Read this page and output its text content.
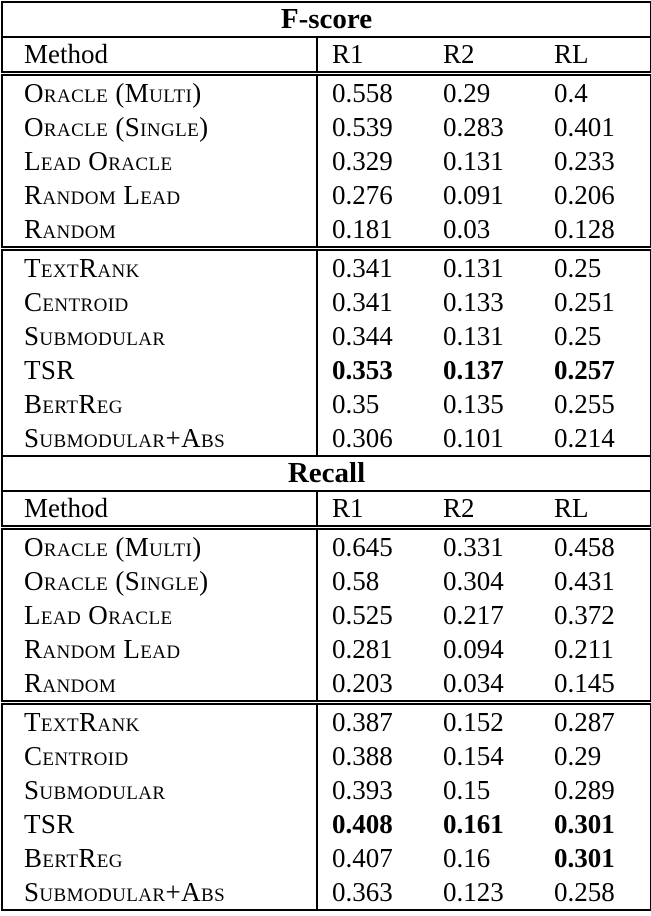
F-score			
Method	R1	R2	RL
Oracle (Multi)	0.558	0.29	0.4
Oracle (Single)	0.539	0.283	0.401
Lead Oracle	0.329	0.131	0.233
Random Lead	0.276	0.091	0.206
Random	0.181	0.03	0.128
TextRank	0.341	0.131	0.25
Centroid	0.341	0.133	0.251
Submodular	0.344	0.131	0.25
TSR	0.353	0.137	0.257
BertReg	0.35	0.135	0.255
Submodular+Abs	0.306	0.101	0.214
Recall			
Method	R1	R2	RL
Oracle (Multi)	0.645	0.331	0.458
Oracle (Single)	0.58	0.304	0.431
Lead Oracle	0.525	0.217	0.372
Random Lead	0.281	0.094	0.211
Random	0.203	0.034	0.145
TextRank	0.387	0.152	0.287
Centroid	0.388	0.154	0.29
Submodular	0.393	0.15	0.289
TSR	0.408	0.161	0.301
BertReg	0.407	0.16	0.301
Submodular+Abs	0.363	0.123	0.258
